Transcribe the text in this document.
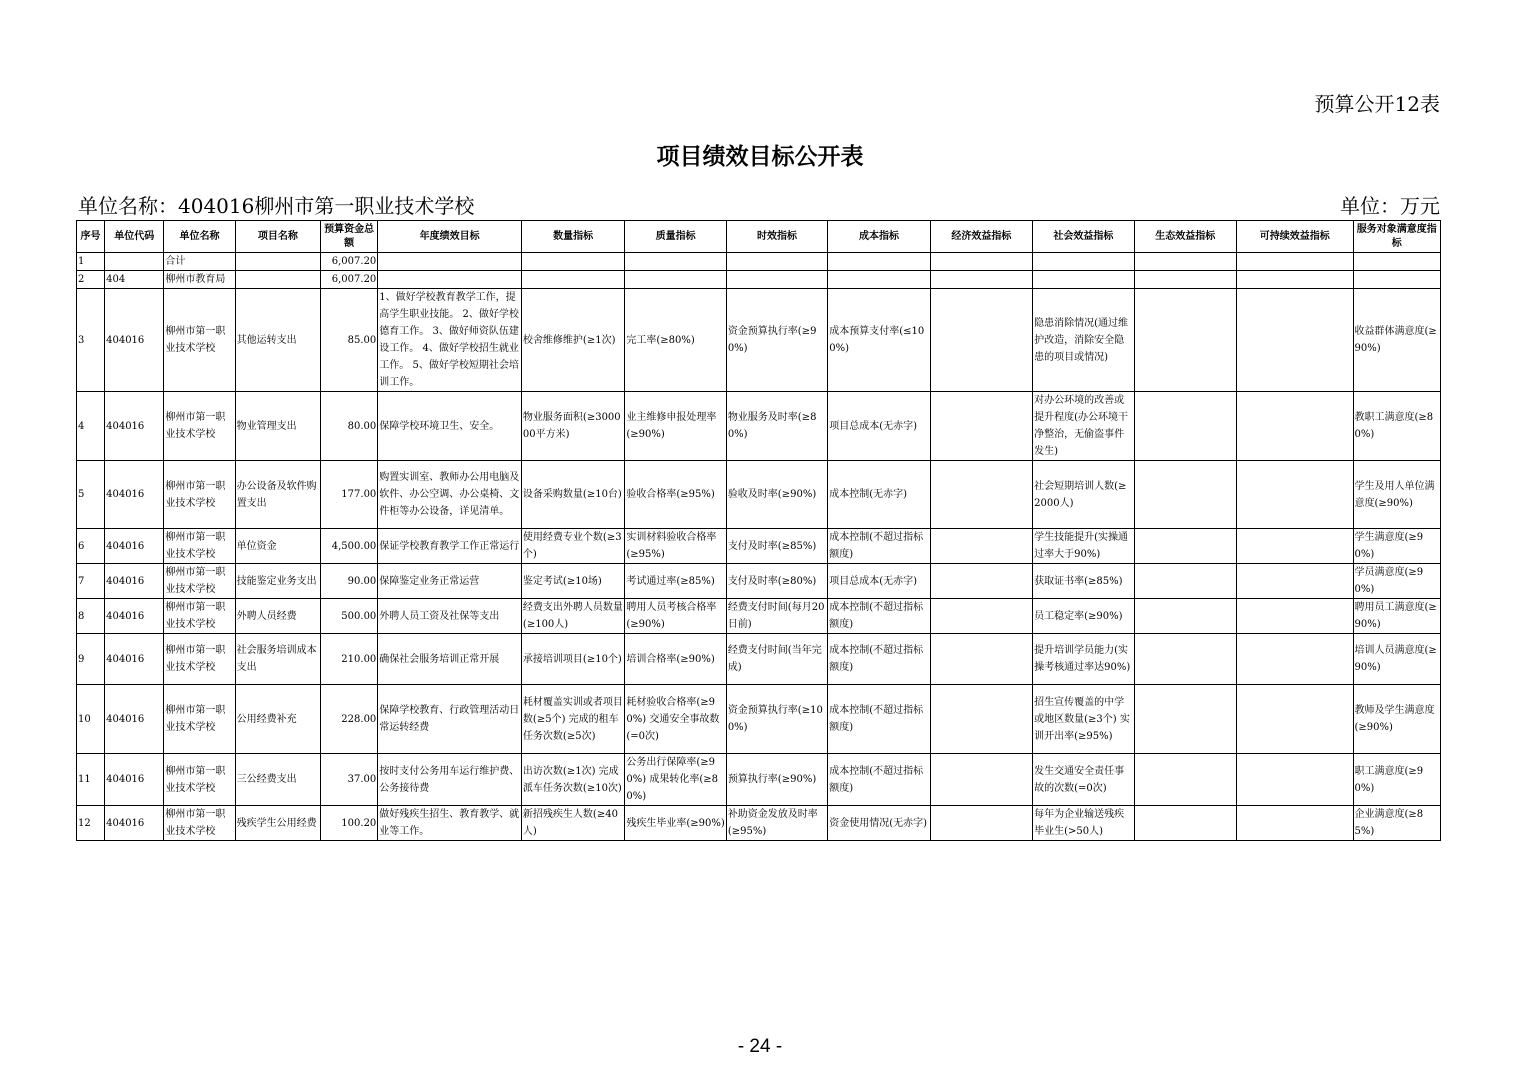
预算公开12表
项目绩效目标公开表
单位名称：404016柳州市第一职业技术学校	单位：万元
序号	单位代码	单位名称	项目名称	预算资金总额	年度绩效目标	数量指标	质量指标	时效指标	成本指标	经济效益指标	社会效益指标	生态效益指标	可持续效益指标	服务对象满意度指标
1		合计		6,007.20										
2	404	柳州市教育局		6,007.20										
3	404016	柳州市第一职业技术学校	其他运转支出	85.00	1、做好学校教育教学工作，提高学生职业技能。 2、做好学校德育工作。 3、做好师资队伍建设工作。 4、做好学校招生就业工作。 5、做好学校短期社会培训工作。	校舍维修维护(≥1次)	完工率(≥80%)	资金预算执行率(≥90%)	成本预算支付率(≤100%)		隐患消除情况(通过维护改造，消除安全隐患的项目或情况)			收益群体满意度(≥90%)
4	404016	柳州市第一职业技术学校	物业管理支出	80.00	保障学校环境卫生、安全。	物业服务面积(≥300000平方米)	业主维修申报处理率(≥90%)	物业服务及时率(≥80%)	项目总成本(无赤字)		对办公环境的改善或提升程度(办公环境干净整治，无偷盗事件发生)			教职工满意度(≥80%)
5	404016	柳州市第一职业技术学校	办公设备及软件购置支出	177.00	购置实训室、教师办公用电脑及软件、办公空调、办公桌椅、文件柜等办公设备，详见清单。	设备采购数量(≥10台)	验收合格率(≥95%)	验收及时率(≥90%)	成本控制(无赤字)		社会短期培训人数(≥2000人)			学生及用人单位满意度(≥90%)
6	404016	柳州市第一职业技术学校	单位资金	4,500.00	保证学校教育教学工作正常运行	使用经费专业个数(≥3个)	实训材料验收合格率(≥95%)	支付及时率(≥85%)	成本控制(不超过指标额度)		学生技能提升(实操通过率大于90%)			学生满意度(≥90%)
7	404016	柳州市第一职业技术学校	技能鉴定业务支出	90.00	保障鉴定业务正常运营	鉴定考试(≥10场)	考试通过率(≥85%)	支付及时率(≥80%)	项目总成本(无赤字)		获取证书率(≥85%)			学员满意度(≥90%)
8	404016	柳州市第一职业技术学校	外聘人员经费	500.00	外聘人员工资及社保等支出	经费支出外聘人员数量(≥100人)	聘用人员考核合格率(≥90%)	经费支付时间(每月20日前)	成本控制(不超过指标额度)		员工稳定率(≥90%)			聘用员工满意度(≥90%)
9	404016	柳州市第一职业技术学校	社会服务培训成本支出	210.00	确保社会服务培训正常开展	承接培训项目(≥10个)	培训合格率(≥90%)	经费支付时间(当年完成)	成本控制(不超过指标额度)		提升培训学员能力(实操考核通过率达90%)			培训人员满意度(≥90%)
10	404016	柳州市第一职业技术学校	公用经费补充	228.00	保障学校教育、行政管理活动日常运转经费	耗材覆盖实训或者项目数(≥5个) 完成的租车任务次数(≥5次)	耗材验收合格率(≥90%) 交通安全事故数(=0次)	资金预算执行率(≥100%)	成本控制(不超过指标额度)		招生宣传覆盖的中学或地区数量(≥3个) 实训开出率(≥95%)			教师及学生满意度(≥90%)
11	404016	柳州市第一职业技术学校	三公经费支出	37.00	按时支付公务用车运行维护费、公务接待费	出访次数(≥1次) 完成派车任务次数(≥10次)	公务出行保障率(≥90%) 成果转化率(≥80%)	预算执行率(≥90%)	成本控制(不超过指标额度)		发生交通安全责任事故的次数(=0次)			职工满意度(≥90%)
12	404016	柳州市第一职业技术学校	残疾学生公用经费	100.20	做好残疾生招生、教育教学、就业等工作。	新招残疾生人数(≥40人)	残疾生毕业率(≥90%)	补助资金发放及时率(≥95%)	资金使用情况(无赤字)		每年为企业输送残疾毕业生(>50人)			企业满意度(≥85%)
- 24 -
